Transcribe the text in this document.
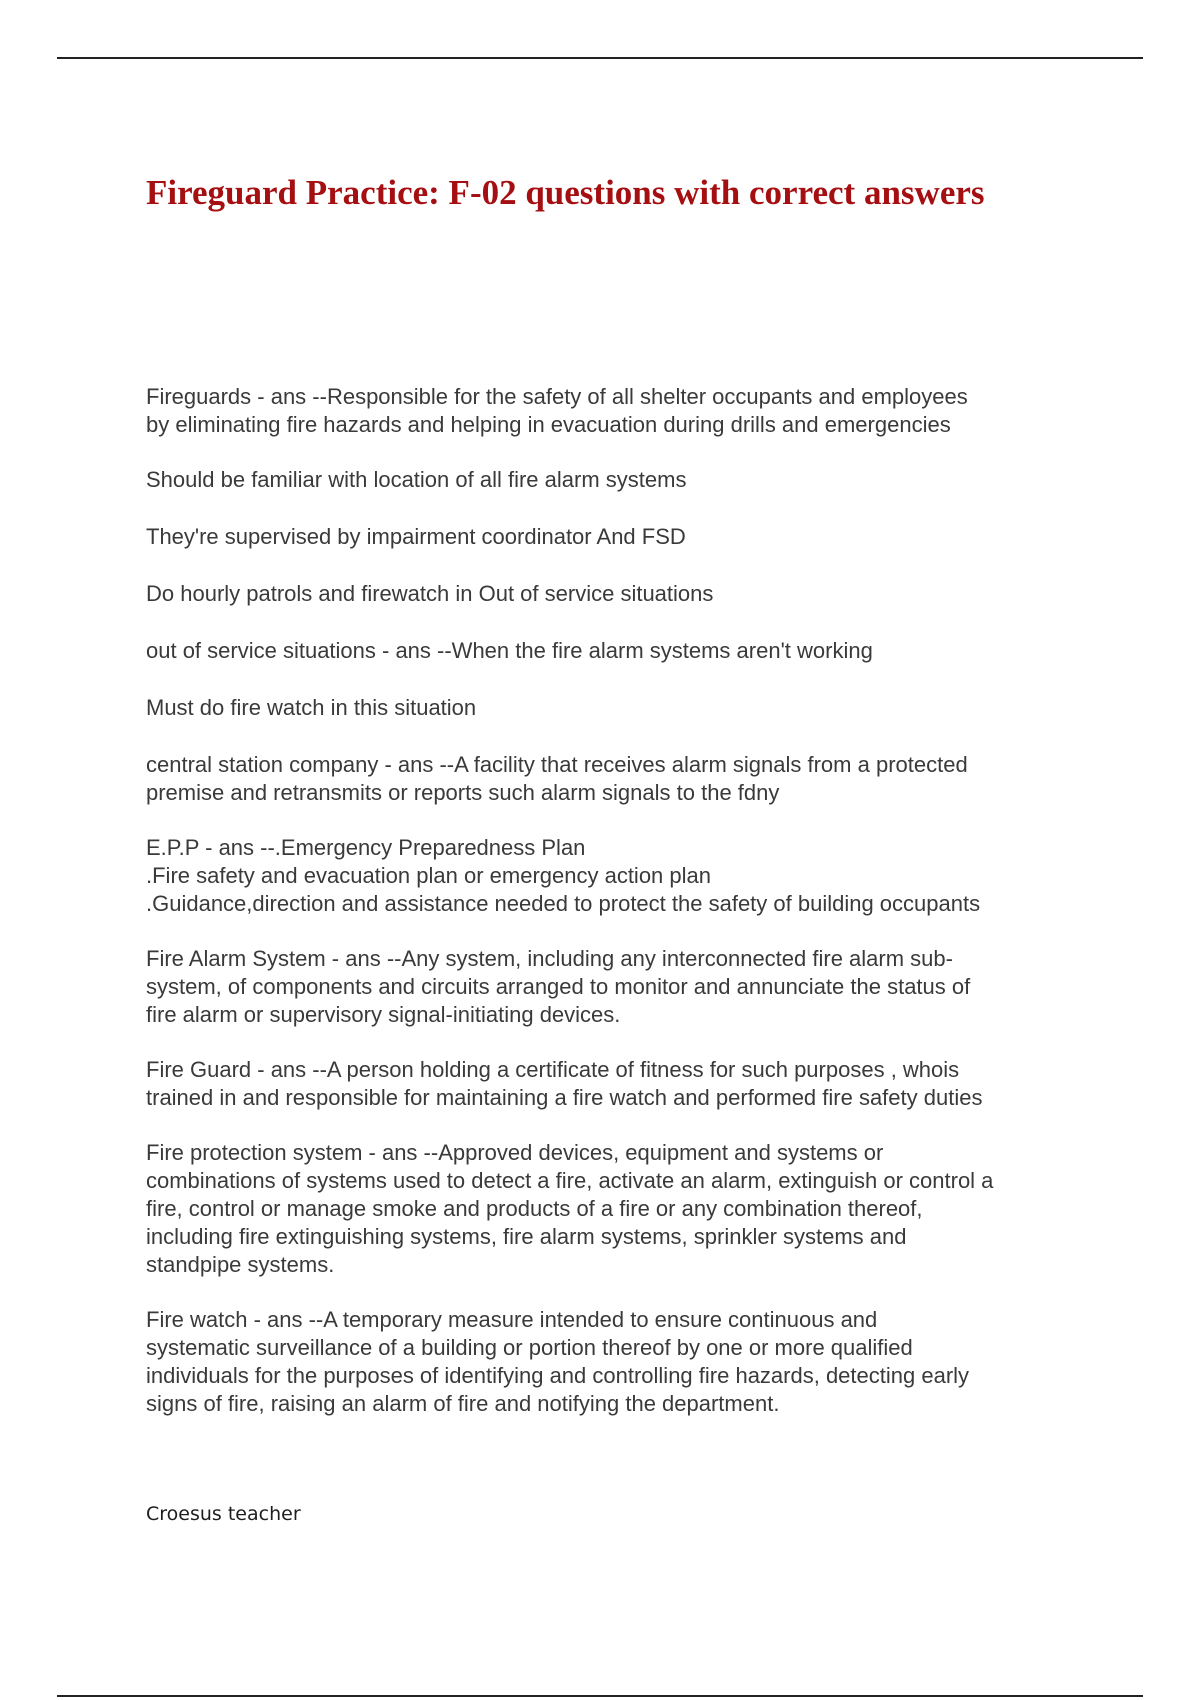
Fireguard Practice: F-02 questions with correct answers

Fireguards - ans --Responsible for the safety of all shelter occupants and employees
by eliminating fire hazards and helping in evacuation during drills and emergencies

Should be familiar with location of all fire alarm systems

They're supervised by impairment coordinator And FSD

Do hourly patrols and firewatch in Out of service situations

out of service situations - ans --When the fire alarm systems aren't working

Must do fire watch in this situation

central station company - ans --A facility that receives alarm signals from a protected
premise and retransmits or reports such alarm signals to the fdny

E.P.P - ans --.Emergency Preparedness Plan
.Fire safety and evacuation plan or emergency action plan
.Guidance,direction and assistance needed to protect the safety of building occupants

Fire Alarm System - ans --Any system, including any interconnected fire alarm sub-
system, of components and circuits arranged to monitor and annunciate the status of
fire alarm or supervisory signal-initiating devices.

Fire Guard - ans --A person holding a certificate of fitness for such purposes , whois
trained in and responsible for maintaining a fire watch and performed fire safety duties

Fire protection system - ans --Approved devices, equipment and systems or
combinations of systems used to detect a fire, activate an alarm, extinguish or control a
fire, control or manage smoke and products of a fire or any combination thereof,
including fire extinguishing systems, fire alarm systems, sprinkler systems and
standpipe systems.

Fire watch - ans --A temporary measure intended to ensure continuous and
systematic surveillance of a building or portion thereof by one or more qualified
individuals for the purposes of identifying and controlling fire hazards, detecting early
signs of fire, raising an alarm of fire and notifying the department.

Croesus teacher
